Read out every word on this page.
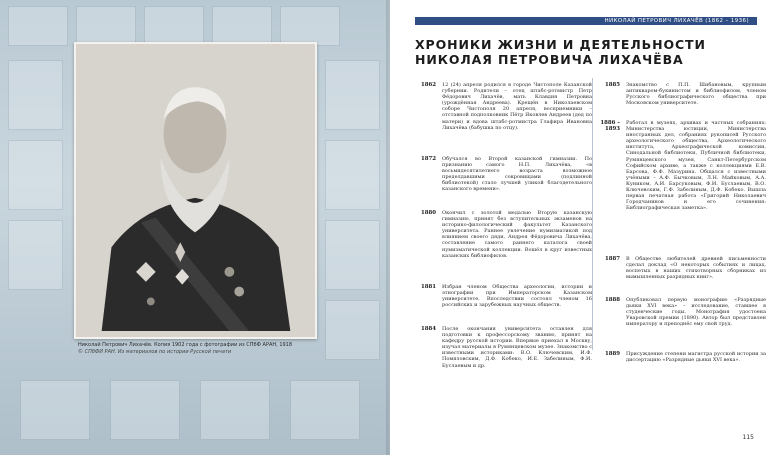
Николай Петрович Лихачёв. Копия 1902 года с фотографии из СПбФ АРАН, 1918
© СПбФИ РАН. Из материалов по истории Русской печати
НИКОЛАЙ ПЕТРОВИЧ ЛИХАЧЁВ (1862 – 1936)
ХРОНИКИ ЖИЗНИ И ДЕЯТЕЛЬНОСТИ
НИКОЛАЯ ПЕТРОВИЧА ЛИХАЧЁВА
1862 12 (24) апреля родился в городе Чистополе Казанской губернии. Родители – отец штабс-ротмистр Петр Фёдорович Лихачёв, мать Клавдия Петровна (урождённая Андреева). Крещён в Николаевском соборе Чистополя 20 апреля, восприемники – отставной подполковник Пётр Яковлев Андреев (дед по матери) и вдова штабс-ротмистра Глафира Ивановна Лихачёва (бабушка по отцу).
1872 Обучался во Второй казанской гимназии. По признанию самого Н.П. Лихачёва, «в восьмидесятилетнего возраста возможное пределдавшими сокровищами (подлинной библиотекой) стало лучшей уликой благодетельного казанского времени».
1880 Окончил с золотой медалью Вторую казанскую гимназию, принят без вступительных экзаменов на историко-филологический факультет Казанского университета. Раннее увлечение нумизматикой под влиянием своего дяди, Андрея Фёдоровича Лихачёва, составление самого раннего каталога своей нумизматической коллекции. Вошёл в круг известных казанских библиофилов.
1881 Избран членом Общества археологии, истории и этнографии при Императорском Казанском университете. Впоследствии состоял членом 16 российских и зарубежных научных обществ.
1884 После окончания университета оставлен для подготовки к профессорскому званию, принят на кафедру русской истории. Впервые приехал в Москву, изучал материалы в Румянцевском музее. Знакомство с известными историками: В.О. Ключевским, И.Ф. Помяловским, Д.Ф. Кобеко, И.Е. Забелиным, Ф.И. Буслаевым и др.
1885 Знакомство с П.П. Шибановым, крупным антикваром-букинистом и библиофилом, членом Русского библиографического общества при Московском университете.
1886 – 1893
Работал в музеях, архивах и частных собраниях: Министерства юстиции, Министерства иностранных дел, собраниях рукописей Русского археологического общества, Археологического института, Археографической комиссии, Синодальной библиотеки, Публичной библиотеки, Румянцевского музея, Санкт-Петербургском Софийском архиве, а также с коллекциями Е.В. Барсова, Ф.Ф. Мазурина. Общался с известными учёными – А.Ф. Бычковым, Л.Н. Майковым, А.А. Куником, А.И. Барсуковым, Ф.И. Буслаевым, В.О. Ключевским, Г.Ф. Забелиным, Д.Ф. Кобеко. Вышла первая печатная работа «Григорий Николаевич Городчанинов и его сочинения: Библиографическая заметка».
1887 В Обществе любителей древней письменности сделал доклад «О некоторых событиях и лицах, воспетых в наших стихотворных сборниках из вымышленных разрядных книг».
1888 Опубликовал первую монографию «Разрядные дьяки XVI века» – исследование, ставшее в студенческие годы. Монография удостоена Уваровской премии (1890). Автор был представлен императору и преподнёс ему свой труд.
1889 Присуждение степени магистра русской истории за диссертацию «Разрядные дьяки XVI века».
115
